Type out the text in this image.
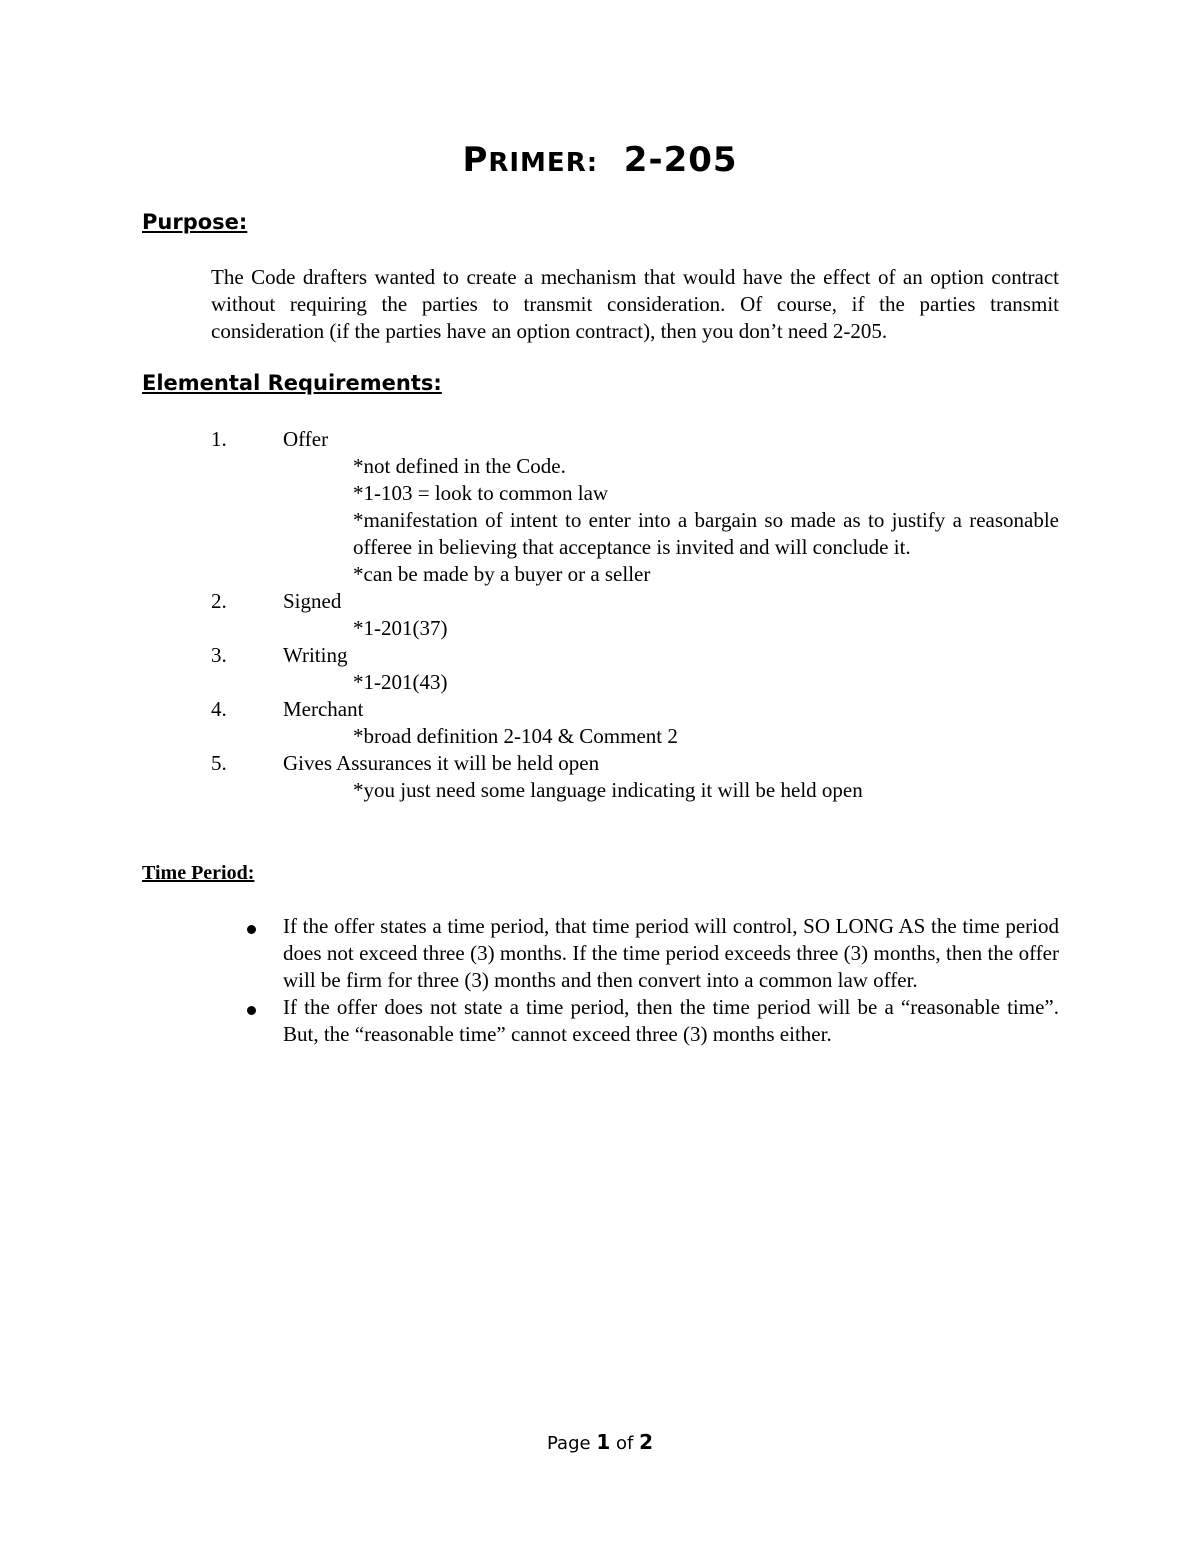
PRIMER: 2-205
Purpose:
The Code drafters wanted to create a mechanism that would have the effect of an option contract without requiring the parties to transmit consideration. Of course, if the parties transmit consideration (if the parties have an option contract), then you don’t need 2-205.
Elemental Requirements:
1.	Offer
*not defined in the Code.
*1-103 = look to common law
*manifestation of intent to enter into a bargain so made as to justify a reasonable offeree in believing that acceptance is invited and will conclude it.
*can be made by a buyer or a seller
2.	Signed
*1-201(37)
3.	Writing
*1-201(43)
4.	Merchant
*broad definition 2-104 & Comment 2
5.	Gives Assurances it will be held open
*you just need some language indicating it will be held open
Time Period:
If the offer states a time period, that time period will control, SO LONG AS the time period does not exceed three (3) months. If the time period exceeds three (3) months, then the offer will be firm for three (3) months and then convert into a common law offer.
If the offer does not state a time period, then the time period will be a “reasonable time”. But, the “reasonable time” cannot exceed three (3) months either.
Page 1 of 2
